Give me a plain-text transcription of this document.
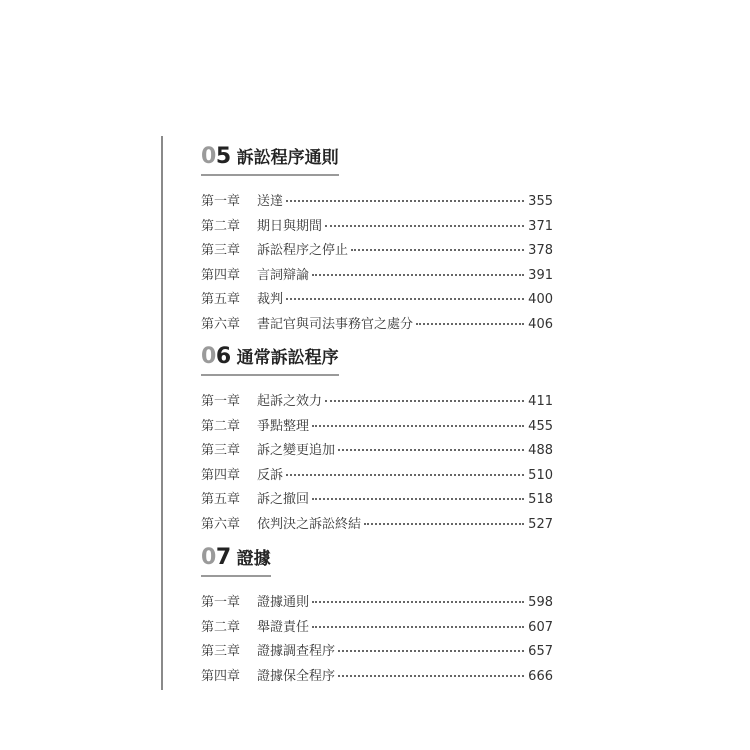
05 訴訟程序通則
第一章	送達	355
第二章	期日與期間	371
第三章	訴訟程序之停止	378
第四章	言詞辯論	391
第五章	裁判	400
第六章	書記官與司法事務官之處分	406
06 通常訴訟程序
第一章	起訴之效力	411
第二章	爭點整理	455
第三章	訴之變更追加	488
第四章	反訴	510
第五章	訴之撤回	518
第六章	依判決之訴訟終結	527
07 證據
第一章	證據通則	598
第二章	舉證責任	607
第三章	證據調查程序	657
第四章	證據保全程序	666
